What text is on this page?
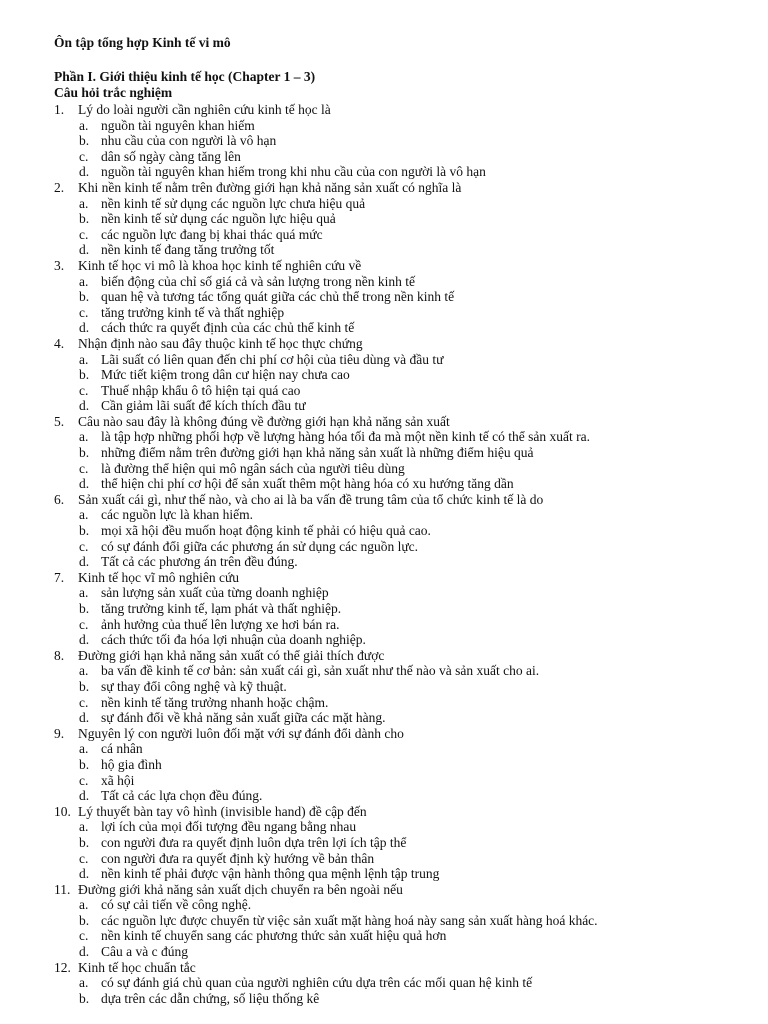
Ôn tập tổng hợp Kinh tế vi mô
Phần I. Giới thiệu kinh tế học (Chapter 1 – 3)
Câu hỏi trắc nghiệm
1.	Lý do loài người cần nghiên cứu kinh tế học là
a. nguồn tài nguyên khan hiếm
b. nhu cầu của con người là vô hạn
c. dân số ngày càng tăng lên
d. nguồn tài nguyên khan hiếm trong khi nhu cầu của con người là vô hạn
2.	Khi nền kinh tế nằm trên đường giới hạn khả năng sản xuất có nghĩa là
a. nền kinh tế sử dụng các nguồn lực chưa hiệu quả
b. nền kinh tế sử dụng các nguồn lực hiệu quả
c. các nguồn lực đang bị khai thác quá mức
d. nền kinh tế đang tăng trưởng tốt
3.	Kinh tế học vi mô là khoa học kinh tế nghiên cứu về
a. biến động của chỉ số giá cả và sản lượng trong nền kinh tế
b. quan hệ và tương tác tổng quát giữa các chủ thể trong nền kinh tế
c. tăng trưởng kinh tế và thất nghiệp
d. cách thức ra quyết định của các chủ thể kinh tế
4.	Nhận định nào sau đây thuộc kinh tế học thực chứng
a. Lãi suất có liên quan đến chi phí cơ hội của tiêu dùng và đầu tư
b. Mức tiết kiệm trong dân cư hiện nay chưa cao
c. Thuế nhập khẩu ô tô hiện tại quá cao
d. Cần giảm lãi suất để kích thích đầu tư
5.	Câu nào sau đây là không đúng về đường giới hạn khả năng sản xuất
a. là tập hợp những phối hợp về lượng hàng hóa tối đa mà một nền kinh tế có thể sản xuất ra.
b. những điểm nằm trên đường giới hạn khả năng sản xuất là những điểm hiệu quả
c. là đường thể hiện qui mô ngân sách của người tiêu dùng
d. thể hiện chi phí cơ hội để sản xuất thêm một hàng hóa có xu hướng tăng dần
6.	Sản xuất cái gì, như thế nào, và cho ai là ba vấn đề trung tâm của tổ chức kinh tế là do
a. các nguồn lực là khan hiếm.
b. mọi xã hội đều muốn hoạt động kinh tế phải có hiệu quả cao.
c. có sự đánh đổi giữa các phương án sử dụng các nguồn lực.
d. Tất cả các phương án trên đều đúng.
7.	Kinh tế học vĩ mô nghiên cứu
a. sản lượng sản xuất của từng doanh nghiệp
b. tăng trưởng kinh tế, lạm phát và thất nghiệp.
c. ảnh hưởng của thuế lên lượng xe hơi bán ra.
d. cách thức tối đa hóa lợi nhuận của doanh nghiệp.
8.	Đường giới hạn khả năng sản xuất có thể giải thích được
a. ba vấn đề kinh tế cơ bản: sản xuất cái gì, sản xuất như thế nào và sản xuất cho ai.
b. sự thay đổi công nghệ và kỹ thuật.
c. nền kinh tế tăng trưởng nhanh hoặc chậm.
d. sự đánh đổi về khả năng sản xuất giữa các mặt hàng.
9.	Nguyên lý con người luôn đối mặt với sự đánh đổi dành cho
a. cá nhân
b. hộ gia đình
c. xã hội
d. Tất cả các lựa chọn đều đúng.
10. Lý thuyết bàn tay vô hình (invisible hand) đề cập đến
a. lợi ích của mọi đối tượng đều ngang bằng nhau
b. con người đưa ra quyết định luôn dựa trên lợi ích tập thể
c. con người đưa ra quyết định kỳ hướng về bản thân
d. nền kinh tế phải được vận hành thông qua mệnh lệnh tập trung
11. Đường giới khả năng sản xuất dịch chuyển ra bên ngoài nếu
a. có sự cải tiến về công nghệ.
b. các nguồn lực được chuyển từ việc sản xuất mặt hàng hoá này sang sản xuất hàng hoá khác.
c. nền kinh tế chuyển sang các phương thức sản xuất hiệu quả hơn
d. Câu a và c đúng
12. Kinh tế học chuẩn tắc
a. có sự đánh giá chủ quan của người nghiên cứu dựa trên các mối quan hệ kinh tế
b. dựa trên các dẫn chứng, số liệu thống kê
